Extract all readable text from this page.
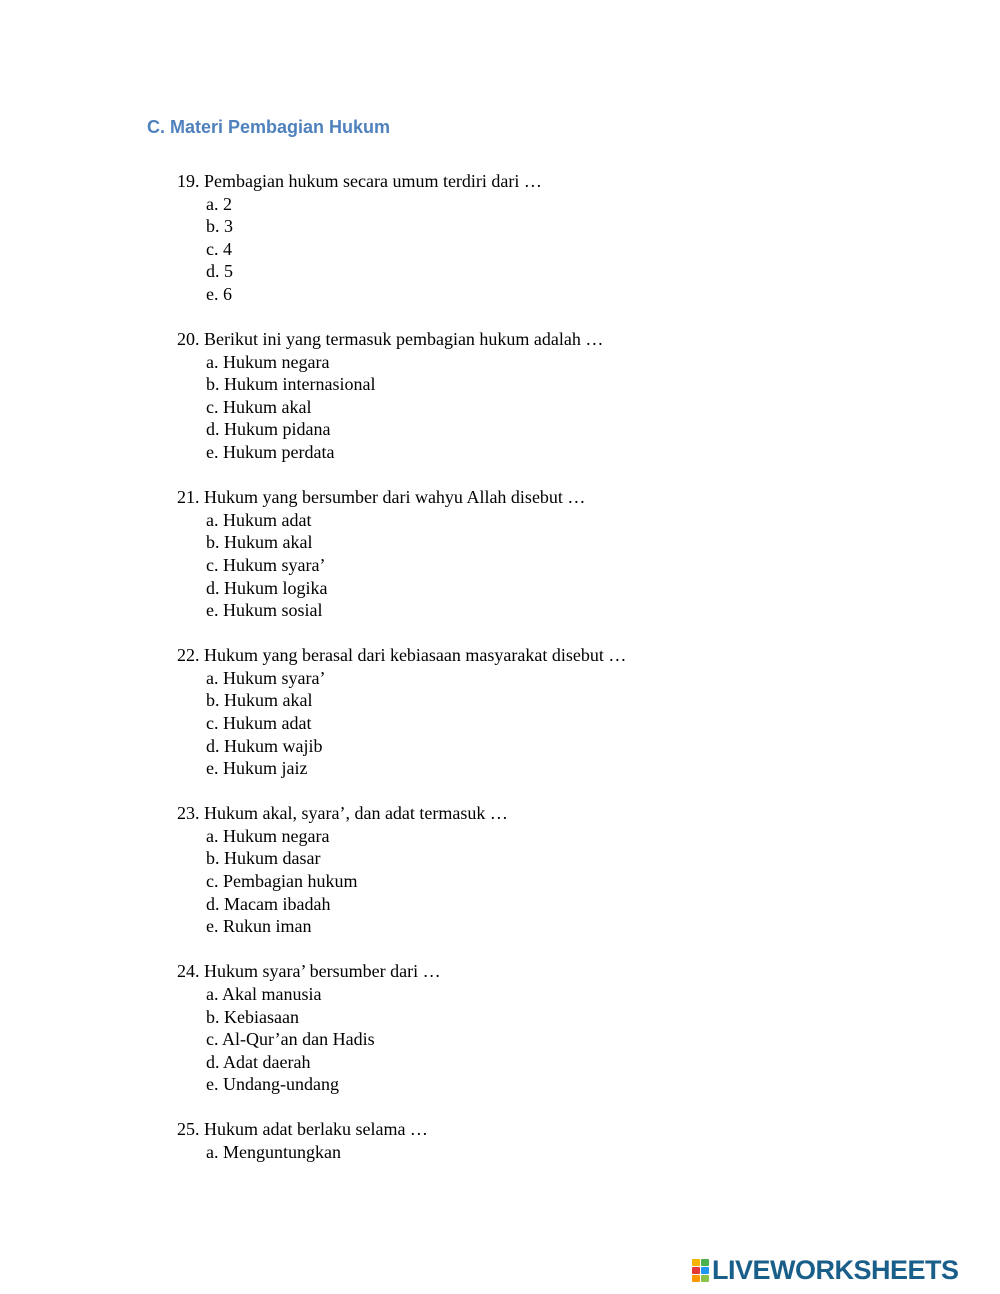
C. Materi Pembagian Hukum
19. Pembagian hukum secara umum terdiri dari …
a. 2
b. 3
c. 4
d. 5
e. 6
20. Berikut ini yang termasuk pembagian hukum adalah …
a. Hukum negara
b. Hukum internasional
c. Hukum akal
d. Hukum pidana
e. Hukum perdata
21. Hukum yang bersumber dari wahyu Allah disebut …
a. Hukum adat
b. Hukum akal
c. Hukum syara’
d. Hukum logika
e. Hukum sosial
22. Hukum yang berasal dari kebiasaan masyarakat disebut …
a. Hukum syara’
b. Hukum akal
c. Hukum adat
d. Hukum wajib
e. Hukum jaiz
23. Hukum akal, syara’, dan adat termasuk …
a. Hukum negara
b. Hukum dasar
c. Pembagian hukum
d. Macam ibadah
e. Rukun iman
24. Hukum syara’ bersumber dari …
a. Akal manusia
b. Kebiasaan
c. Al-Qur’an dan Hadis
d. Adat daerah
e. Undang-undang
25. Hukum adat berlaku selama …
a. Menguntungkan
LIVEWORKSHEETS
